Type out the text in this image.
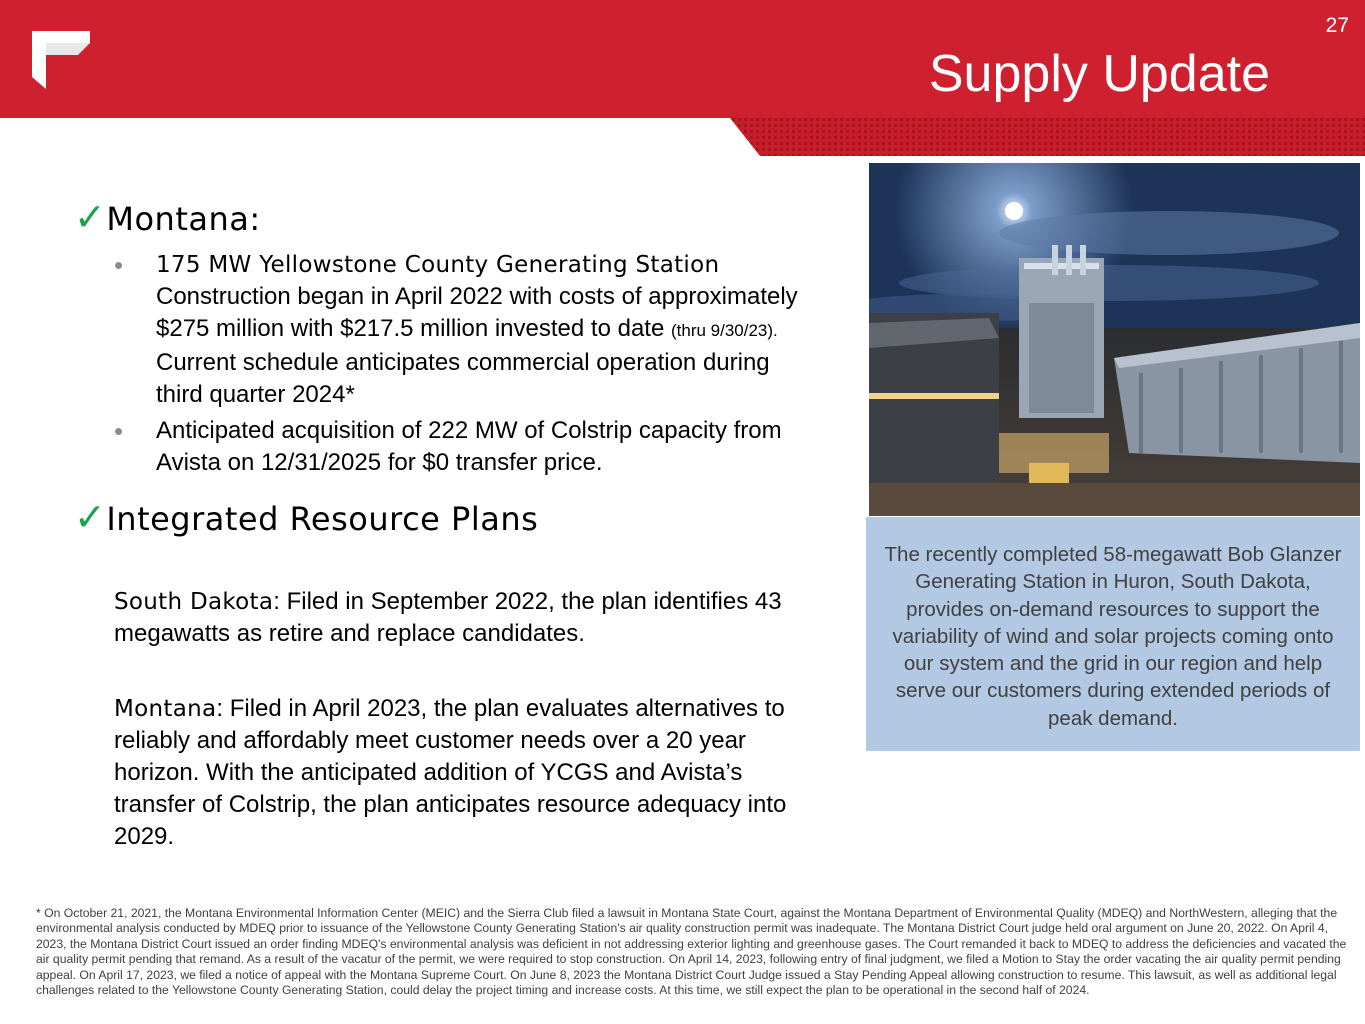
27
Supply Update
✓Montana:
• 175 MW Yellowstone County Generating Station
Construction began in April 2022 with costs of approximately $275 million with $217.5 million invested to date (thru 9/30/23). Current schedule anticipates commercial operation during third quarter 2024*
• Anticipated acquisition of 222 MW of Colstrip capacity from Avista on 12/31/2025 for $0 transfer price.
✓Integrated Resource Plans

South Dakota: Filed in September 2022, the plan identifies 43 megawatts as retire and replace candidates.

Montana: Filed in April 2023, the plan evaluates alternatives to reliably and affordably meet customer needs over a 20 year horizon. With the anticipated addition of YCGS and Avista’s transfer of Colstrip, the plan anticipates resource adequacy into 2029.

The recently completed 58-megawatt Bob Glanzer Generating Station in Huron, South Dakota, provides on-demand resources to support the variability of wind and solar projects coming onto our system and the grid in our region and help serve our customers during extended periods of peak demand.

* On October 21, 2021, the Montana Environmental Information Center (MEIC) and the Sierra Club filed a lawsuit in Montana State Court, against the Montana Department of Environmental Quality (MDEQ) and NorthWestern, alleging that the environmental analysis conducted by MDEQ prior to issuance of the Yellowstone County Generating Station's air quality construction permit was inadequate. The Montana District Court judge held oral argument on June 20, 2022. On April 4, 2023, the Montana District Court issued an order finding MDEQ's environmental analysis was deficient in not addressing exterior lighting and greenhouse gases. The Court remanded it back to MDEQ to address the deficiencies and vacated the air quality permit pending that remand. As a result of the vacatur of the permit, we were required to stop construction. On April 14, 2023, following entry of final judgment, we filed a Motion to Stay the order vacating the air quality permit pending appeal. On April 17, 2023, we filed a notice of appeal with the Montana Supreme Court. On June 8, 2023 the Montana District Court Judge issued a Stay Pending Appeal allowing construction to resume. This lawsuit, as well as additional legal challenges related to the Yellowstone County Generating Station, could delay the project timing and increase costs. At this time, we still expect the plan to be operational in the second half of 2024.
